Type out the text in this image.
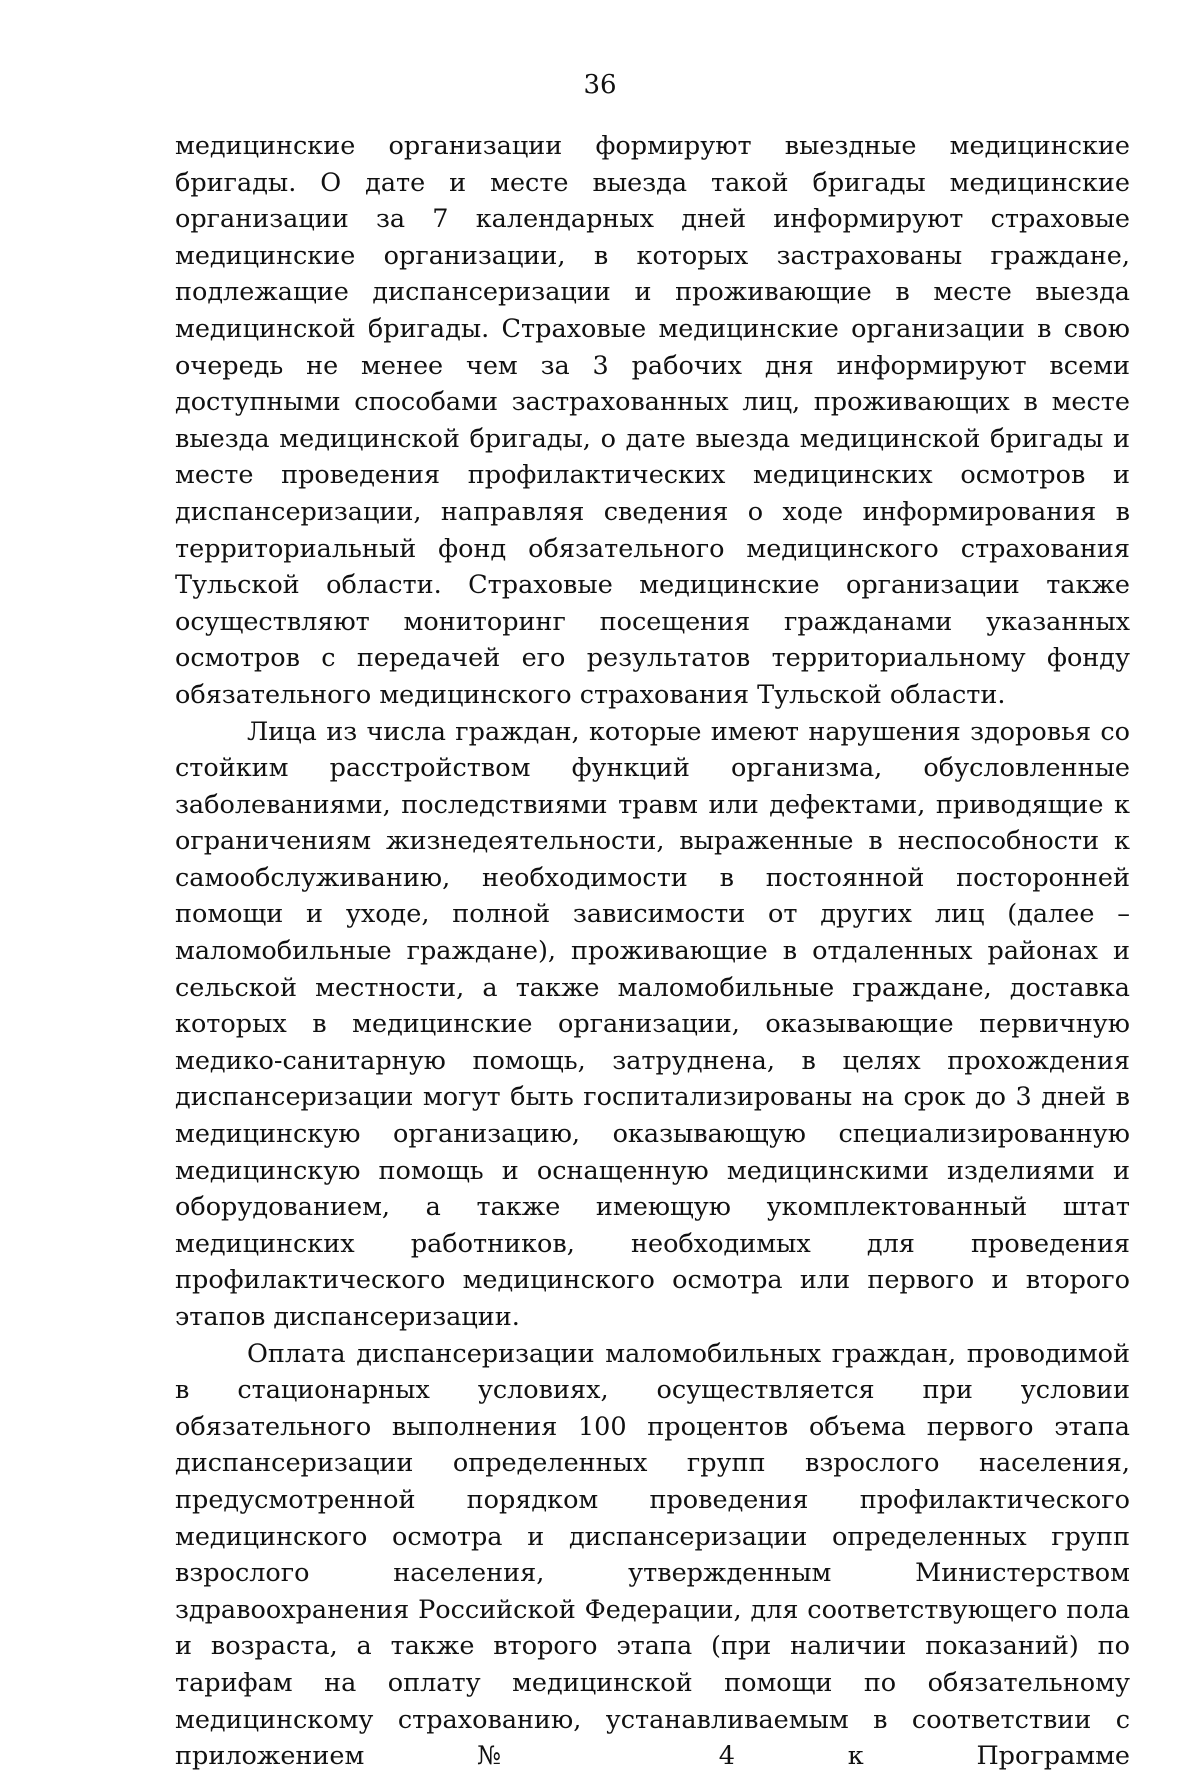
36

медицинские организации формируют выездные медицинские бригады. О дате и месте выезда такой бригады медицинские организации за 7 календарных дней информируют страховые медицинские организации, в которых застрахованы граждане, подлежащие диспансеризации и проживающие в месте выезда медицинской бригады. Страховые медицинские организации в свою очередь не менее чем за 3 рабочих дня информируют всеми доступными способами застрахованных лиц, проживающих в месте выезда медицинской бригады, о дате выезда медицинской бригады и месте проведения профилактических медицинских осмотров и диспансеризации, направляя сведения о ходе информирования в территориальный фонд обязательного медицинского страхования Тульской области. Страховые медицинские организации также осуществляют мониторинг посещения гражданами указанных осмотров с передачей его результатов территориальному фонду обязательного медицинского страхования Тульской области.

Лица из числа граждан, которые имеют нарушения здоровья со стойким расстройством функций организма, обусловленные заболеваниями, последствиями травм или дефектами, приводящие к ограничениям жизнедеятельности, выраженные в неспособности к самообслуживанию, необходимости в постоянной посторонней помощи и уходе, полной зависимости от других лиц (далее – маломобильные граждане), проживающие в отдаленных районах и сельской местности, а также маломобильные граждане, доставка которых в медицинские организации, оказывающие первичную медико-санитарную помощь, затруднена, в целях прохождения диспансеризации могут быть госпитализированы на срок до 3 дней в медицинскую организацию, оказывающую специализированную медицинскую помощь и оснащенную медицинскими изделиями и оборудованием, а также имеющую укомплектованный штат медицинских работников, необходимых для проведения профилактического медицинского осмотра или первого и второго этапов диспансеризации.

Оплата диспансеризации маломобильных граждан, проводимой в стационарных условиях, осуществляется при условии обязательного выполнения 100 процентов объема первого этапа диспансеризации определенных групп взрослого населения, предусмотренной порядком проведения профилактического медицинского осмотра и диспансеризации определенных групп взрослого населения, утвержденным Министерством здравоохранения Российской Федерации, для соответствующего пола и возраста, а также второго этапа (при наличии показаний) по тарифам на оплату медицинской помощи по обязательному медицинскому страхованию, устанавливаемым в соответствии с приложением № 4 к Программе
